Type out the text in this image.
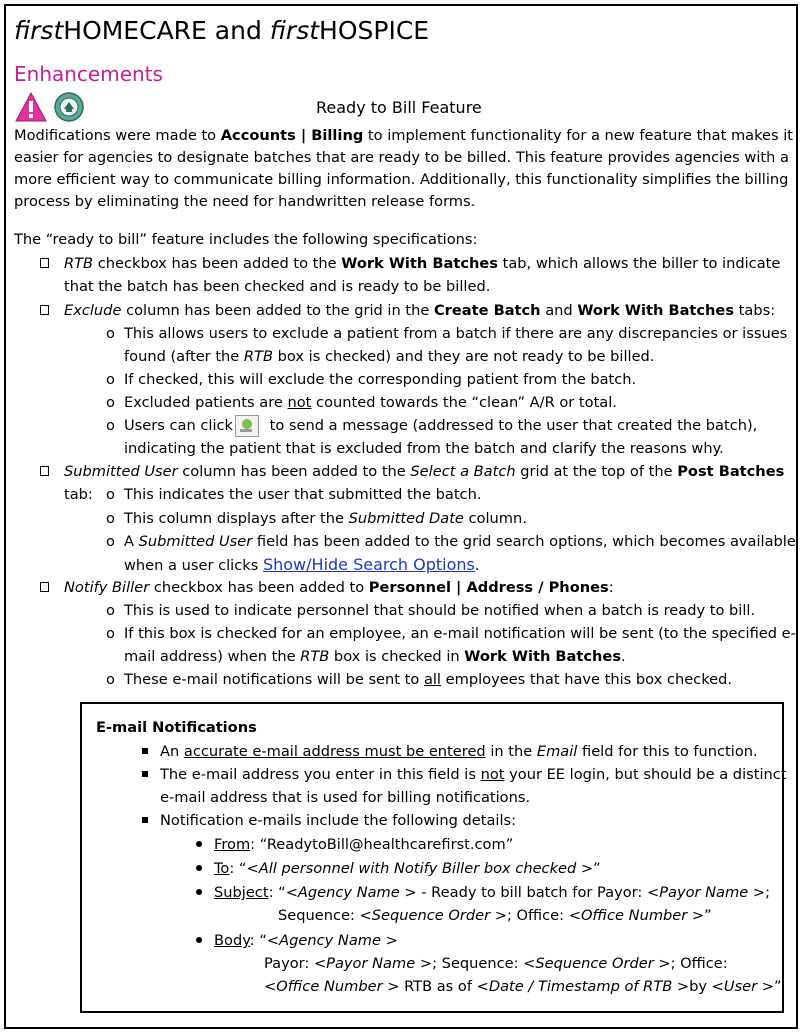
firstHOMECARE and firstHOSPICE
Enhancements
Ready to Bill Feature
Modifications were made to Accounts | Billing to implement functionality for a new feature that makes it easier for agencies to designate batches that are ready to be billed. This feature provides agencies with a more efficient way to communicate billing information. Additionally, this functionality simplifies the billing process by eliminating the need for handwritten release forms.
The “ready to bill” feature includes the following specifications:
RTB checkbox has been added to the Work With Batches tab, which allows the biller to indicate that the batch has been checked and is ready to be billed.
Exclude column has been added to the grid in the Create Batch and Work With Batches tabs:
o This allows users to exclude a patient from a batch if there are any discrepancies or issues found (after the RTB box is checked) and they are not ready to be billed.
o If checked, this will exclude the corresponding patient from the batch.
o Excluded patients are not counted towards the “clean” A/R or total.
o Users can click to send a message (addressed to the user that created the batch), indicating the patient that is excluded from the batch and clarify the reasons why.
Submitted User column has been added to the Select a Batch grid at the top of the Post Batches tab: o This indicates the user that submitted the batch.
o This column displays after the Submitted Date column.
o A Submitted User field has been added to the grid search options, which becomes available when a user clicks Show/Hide Search Options.
Notify Biller checkbox has been added to Personnel | Address / Phones:
o This is used to indicate personnel that should be notified when a batch is ready to bill.
o If this box is checked for an employee, an e-mail notification will be sent (to the specified e-mail address) when the RTB box is checked in Work With Batches.
o These e-mail notifications will be sent to all employees that have this box checked.
E-mail Notifications
An accurate e-mail address must be entered in the Email field for this to function.
The e-mail address you enter in this field is not your EE login, but should be a distinct
e-mail address that is used for billing notifications.
Notification e-mails include the following details:
From: “ReadytoBill@healthcarefirst.com”
To: “<All personnel with Notify Biller box checked >”
Subject: “<Agency Name > - Ready to bill batch for Payor: <Payor Name >;
Sequence: <Sequence Order >; Office: <Office Number >”
Body: “<Agency Name >
Payor: <Payor Name >; Sequence: <Sequence Order >; Office:
<Office Number > RTB as of <Date / Timestamp of RTB >by <User >”
